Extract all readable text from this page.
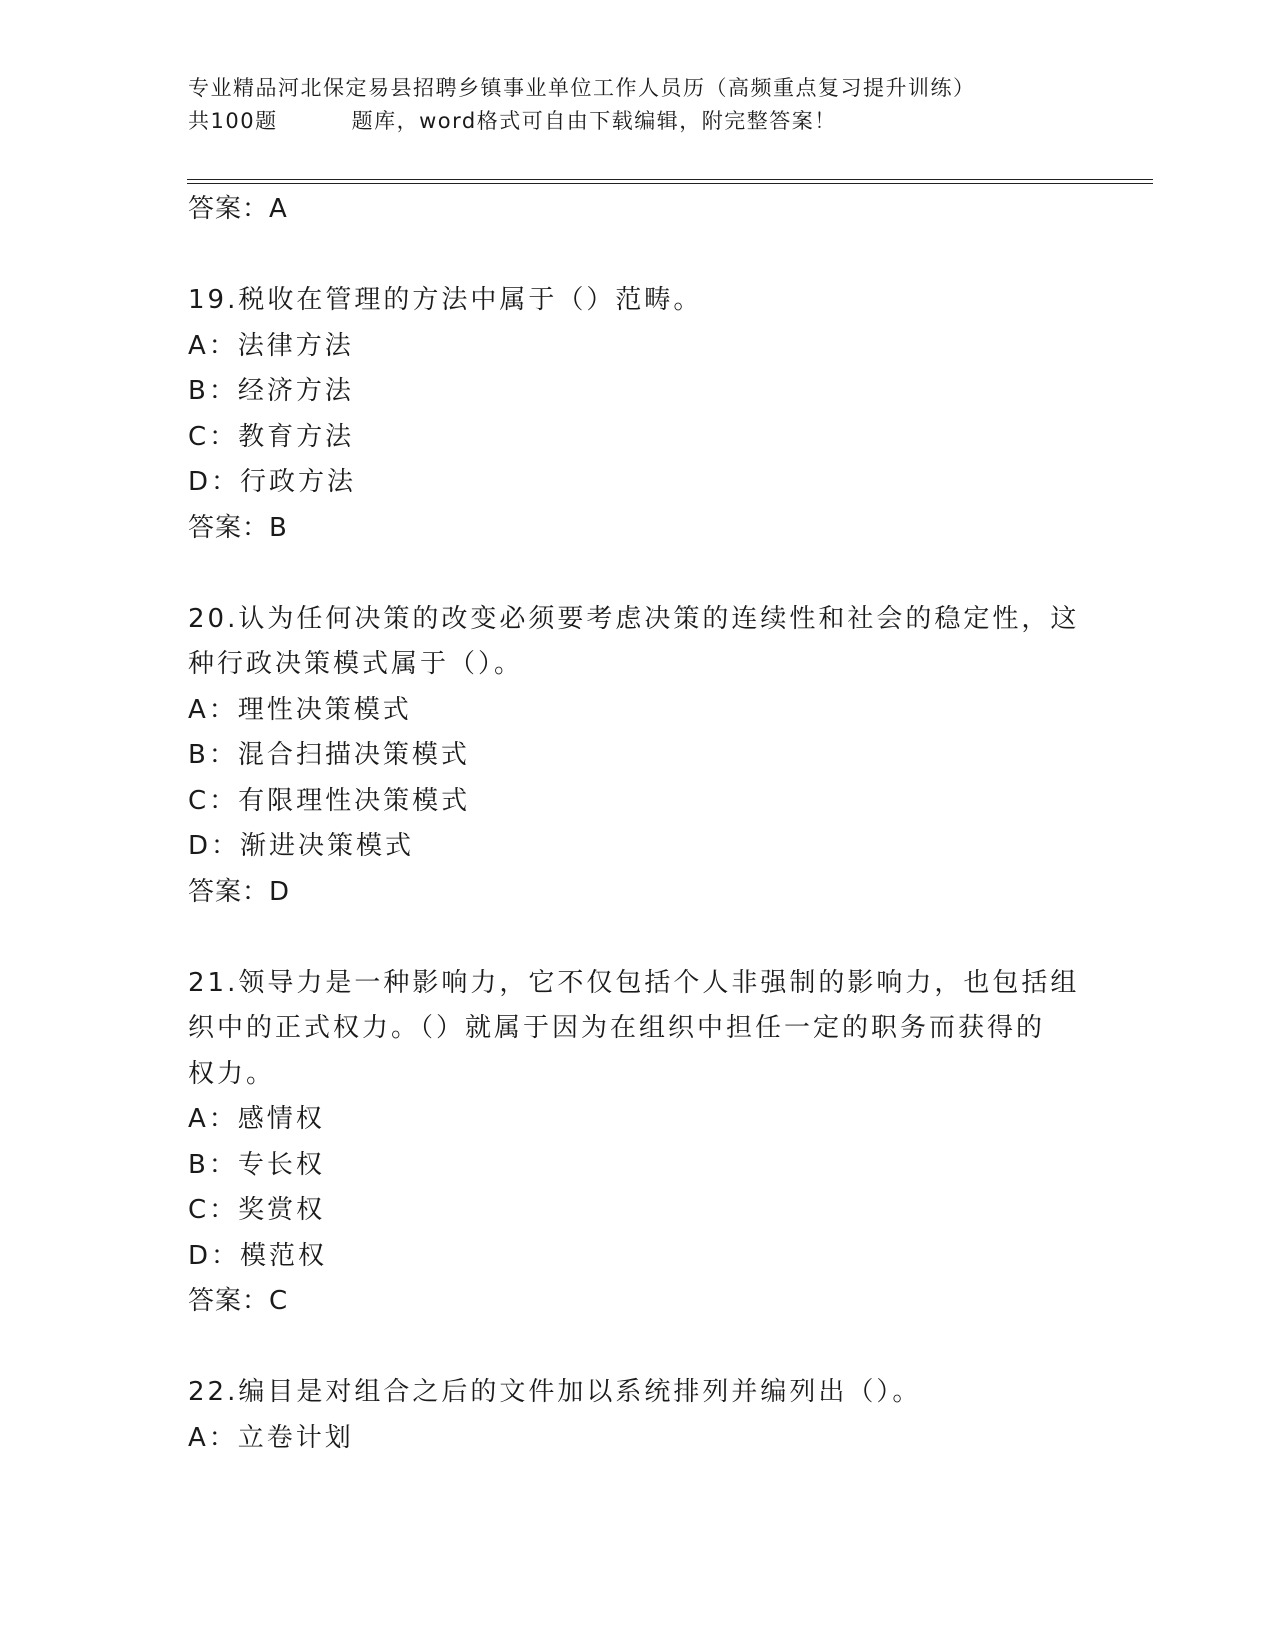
专业精品河北保定易县招聘乡镇事业单位工作人员历（高频重点复习提升训练）
共100题	题库，word格式可自由下载编辑，附完整答案！
答案：A
19.税收在管理的方法中属于（）范畴。
A：法律方法
B：经济方法
C：教育方法
D：行政方法
答案：B
20.认为任何决策的改变必须要考虑决策的连续性和社会的稳定性，这
种行政决策模式属于（）。
A：理性决策模式
B：混合扫描决策模式
C：有限理性决策模式
D：渐进决策模式
答案：D
21.领导力是一种影响力，它不仅包括个人非强制的影响力，也包括组
织中的正式权力。（）就属于因为在组织中担任一定的职务而获得的
权力。
A：感情权
B：专长权
C：奖赏权
D：模范权
答案：C
22.编目是对组合之后的文件加以系统排列并编列出（）。
A：立卷计划
